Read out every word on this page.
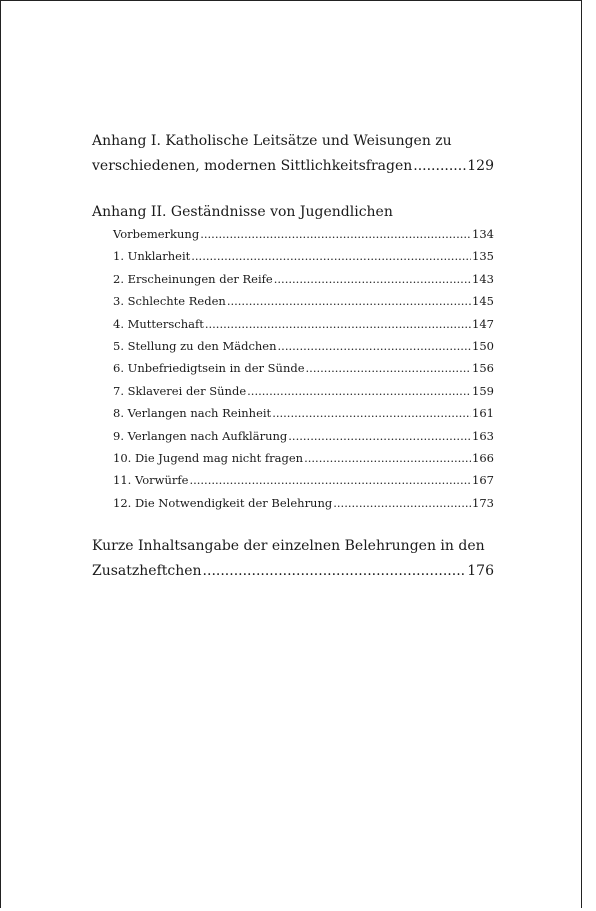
Anhang I. Katholische Leitsätze und Weisungen zu
verschiedenen, modernen Sittlichkeitsfragen .....	129
Anhang II. Geständnisse von Jugendlichen
Vorbemerkung .....	134
1. Unklarheit .....	135
2. Erscheinungen der Reife .....	143
3. Schlechte Reden .....	145
4. Mutterschaft .....	147
5. Stellung zu den Mädchen .....	150
6. Unbefriedigtsein in der Sünde .....	156
7. Sklaverei der Sünde .....	159
8. Verlangen nach Reinheit .....	161
9. Verlangen nach Aufklärung .....	163
10. Die Jugend mag nicht fragen .....	166
11. Vorwürfe .....	167
12. Die Notwendigkeit der Belehrung .....	173
Kurze Inhaltsangabe der einzelnen Belehrungen in den
Zusatzheftchen .....	176
